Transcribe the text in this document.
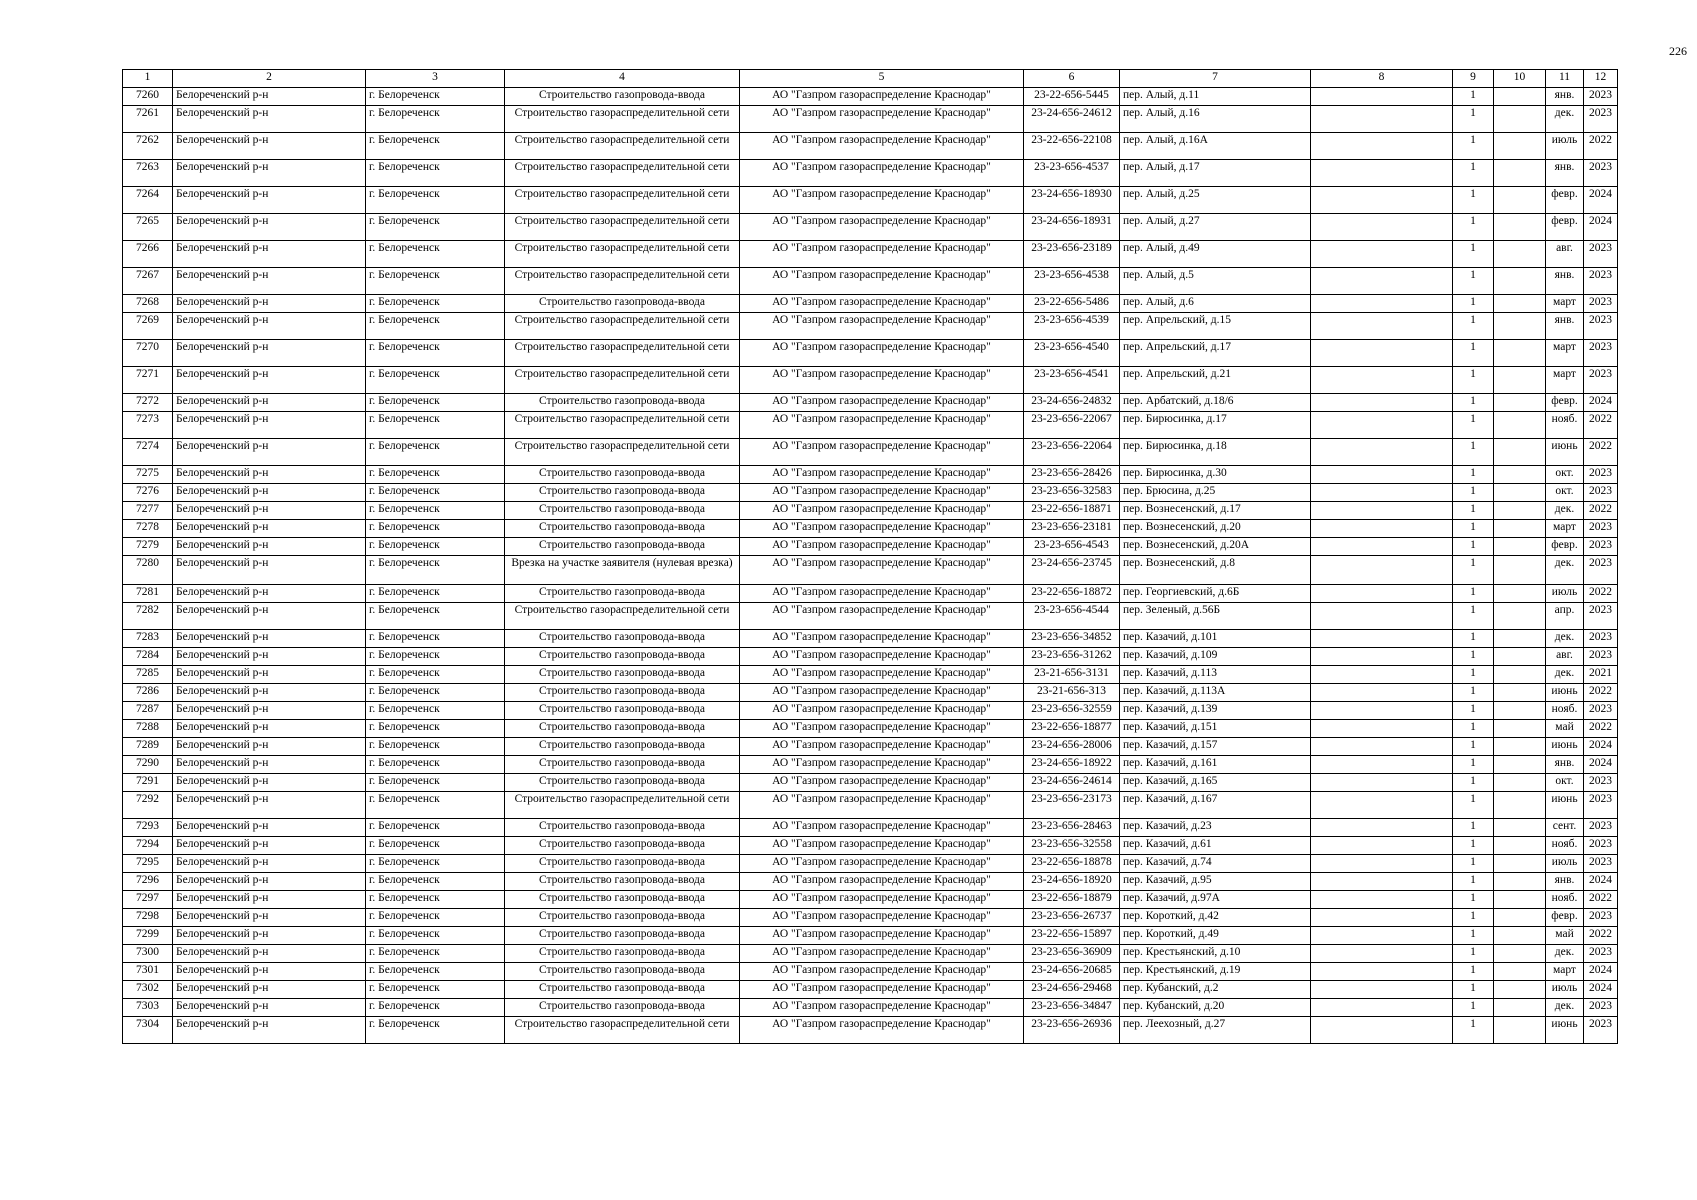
226
1	2	3	4	5	6	7	8	9	10	11	12
7260	Белореченский р-н	г. Белореченск	Строительство газопровода-ввода	АО "Газпром газораспределение Краснодар"	23-22-656-5445	пер. Алый, д.11		1		янв.	2023
7261	Белореченский р-н	г. Белореченск	Строительство газораспределительной сети	АО "Газпром газораспределение Краснодар"	23-24-656-24612	пер. Алый, д.16		1		дек.	2023
7262	Белореченский р-н	г. Белореченск	Строительство газораспределительной сети	АО "Газпром газораспределение Краснодар"	23-22-656-22108	пер. Алый, д.16А		1		июль	2022
7263	Белореченский р-н	г. Белореченск	Строительство газораспределительной сети	АО "Газпром газораспределение Краснодар"	23-23-656-4537	пер. Алый, д.17		1		янв.	2023
7264	Белореченский р-н	г. Белореченск	Строительство газораспределительной сети	АО "Газпром газораспределение Краснодар"	23-24-656-18930	пер. Алый, д.25		1		февр.	2024
7265	Белореченский р-н	г. Белореченск	Строительство газораспределительной сети	АО "Газпром газораспределение Краснодар"	23-24-656-18931	пер. Алый, д.27		1		февр.	2024
7266	Белореченский р-н	г. Белореченск	Строительство газораспределительной сети	АО "Газпром газораспределение Краснодар"	23-23-656-23189	пер. Алый, д.49		1		авг.	2023
7267	Белореченский р-н	г. Белореченск	Строительство газораспределительной сети	АО "Газпром газораспределение Краснодар"	23-23-656-4538	пер. Алый, д.5		1		янв.	2023
7268	Белореченский р-н	г. Белореченск	Строительство газопровода-ввода	АО "Газпром газораспределение Краснодар"	23-22-656-5486	пер. Алый, д.6		1		март	2023
7269	Белореченский р-н	г. Белореченск	Строительство газораспределительной сети	АО "Газпром газораспределение Краснодар"	23-23-656-4539	пер. Апрельский, д.15		1		янв.	2023
7270	Белореченский р-н	г. Белореченск	Строительство газораспределительной сети	АО "Газпром газораспределение Краснодар"	23-23-656-4540	пер. Апрельский, д.17		1		март	2023
7271	Белореченский р-н	г. Белореченск	Строительство газораспределительной сети	АО "Газпром газораспределение Краснодар"	23-23-656-4541	пер. Апрельский, д.21		1		март	2023
7272	Белореченский р-н	г. Белореченск	Строительство газопровода-ввода	АО "Газпром газораспределение Краснодар"	23-24-656-24832	пер. Арбатский, д.18/6		1		февр.	2024
7273	Белореченский р-н	г. Белореченск	Строительство газораспределительной сети	АО "Газпром газораспределение Краснодар"	23-23-656-22067	пер. Бирюсинка, д.17		1		нояб.	2022
7274	Белореченский р-н	г. Белореченск	Строительство газораспределительной сети	АО "Газпром газораспределение Краснодар"	23-23-656-22064	пер. Бирюсинка, д.18		1		июнь	2022
7275	Белореченский р-н	г. Белореченск	Строительство газопровода-ввода	АО "Газпром газораспределение Краснодар"	23-23-656-28426	пер. Бирюсинка, д.30		1		окт.	2023
7276	Белореченский р-н	г. Белореченск	Строительство газопровода-ввода	АО "Газпром газораспределение Краснодар"	23-23-656-32583	пер. Брюсина, д.25		1		окт.	2023
7277	Белореченский р-н	г. Белореченск	Строительство газопровода-ввода	АО "Газпром газораспределение Краснодар"	23-22-656-18871	пер. Вознесенский, д.17		1		дек.	2022
7278	Белореченский р-н	г. Белореченск	Строительство газопровода-ввода	АО "Газпром газораспределение Краснодар"	23-23-656-23181	пер. Вознесенский, д.20		1		март	2023
7279	Белореченский р-н	г. Белореченск	Строительство газопровода-ввода	АО "Газпром газораспределение Краснодар"	23-23-656-4543	пер. Вознесенский, д.20А		1		февр.	2023
7280	Белореченский р-н	г. Белореченск	Врезка на участке заявителя (нулевая врезка)	АО "Газпром газораспределение Краснодар"	23-24-656-23745	пер. Вознесенский, д.8		1		дек.	2023
7281	Белореченский р-н	г. Белореченск	Строительство газопровода-ввода	АО "Газпром газораспределение Краснодар"	23-22-656-18872	пер. Георгиевский, д.6Б		1		июль	2022
7282	Белореченский р-н	г. Белореченск	Строительство газораспределительной сети	АО "Газпром газораспределение Краснодар"	23-23-656-4544	пер. Зеленый, д.56Б		1		апр.	2023
7283	Белореченский р-н	г. Белореченск	Строительство газопровода-ввода	АО "Газпром газораспределение Краснодар"	23-23-656-34852	пер. Казачий, д.101		1		дек.	2023
7284	Белореченский р-н	г. Белореченск	Строительство газопровода-ввода	АО "Газпром газораспределение Краснодар"	23-23-656-31262	пер. Казачий, д.109		1		авг.	2023
7285	Белореченский р-н	г. Белореченск	Строительство газопровода-ввода	АО "Газпром газораспределение Краснодар"	23-21-656-3131	пер. Казачий, д.113		1		дек.	2021
7286	Белореченский р-н	г. Белореченск	Строительство газопровода-ввода	АО "Газпром газораспределение Краснодар"	23-21-656-313	пер. Казачий, д.113А		1		июнь	2022
7287	Белореченский р-н	г. Белореченск	Строительство газопровода-ввода	АО "Газпром газораспределение Краснодар"	23-23-656-32559	пер. Казачий, д.139		1		нояб.	2023
7288	Белореченский р-н	г. Белореченск	Строительство газопровода-ввода	АО "Газпром газораспределение Краснодар"	23-22-656-18877	пер. Казачий, д.151		1		май	2022
7289	Белореченский р-н	г. Белореченск	Строительство газопровода-ввода	АО "Газпром газораспределение Краснодар"	23-24-656-28006	пер. Казачий, д.157		1		июнь	2024
7290	Белореченский р-н	г. Белореченск	Строительство газопровода-ввода	АО "Газпром газораспределение Краснодар"	23-24-656-18922	пер. Казачий, д.161		1		янв.	2024
7291	Белореченский р-н	г. Белореченск	Строительство газопровода-ввода	АО "Газпром газораспределение Краснодар"	23-24-656-24614	пер. Казачий, д.165		1		окт.	2023
7292	Белореченский р-н	г. Белореченск	Строительство газораспределительной сети	АО "Газпром газораспределение Краснодар"	23-23-656-23173	пер. Казачий, д.167		1		июнь	2023
7293	Белореченский р-н	г. Белореченск	Строительство газопровода-ввода	АО "Газпром газораспределение Краснодар"	23-23-656-28463	пер. Казачий, д.23		1		сент.	2023
7294	Белореченский р-н	г. Белореченск	Строительство газопровода-ввода	АО "Газпром газораспределение Краснодар"	23-23-656-32558	пер. Казачий, д.61		1		нояб.	2023
7295	Белореченский р-н	г. Белореченск	Строительство газопровода-ввода	АО "Газпром газораспределение Краснодар"	23-22-656-18878	пер. Казачий, д.74		1		июль	2023
7296	Белореченский р-н	г. Белореченск	Строительство газопровода-ввода	АО "Газпром газораспределение Краснодар"	23-24-656-18920	пер. Казачий, д.95		1		янв.	2024
7297	Белореченский р-н	г. Белореченск	Строительство газопровода-ввода	АО "Газпром газораспределение Краснодар"	23-22-656-18879	пер. Казачий, д.97А		1		нояб.	2022
7298	Белореченский р-н	г. Белореченск	Строительство газопровода-ввода	АО "Газпром газораспределение Краснодар"	23-23-656-26737	пер. Короткий, д.42		1		февр.	2023
7299	Белореченский р-н	г. Белореченск	Строительство газопровода-ввода	АО "Газпром газораспределение Краснодар"	23-22-656-15897	пер. Короткий, д.49		1		май	2022
7300	Белореченский р-н	г. Белореченск	Строительство газопровода-ввода	АО "Газпром газораспределение Краснодар"	23-23-656-36909	пер. Крестьянский, д.10		1		дек.	2023
7301	Белореченский р-н	г. Белореченск	Строительство газопровода-ввода	АО "Газпром газораспределение Краснодар"	23-24-656-20685	пер. Крестьянский, д.19		1		март	2024
7302	Белореченский р-н	г. Белореченск	Строительство газопровода-ввода	АО "Газпром газораспределение Краснодар"	23-24-656-29468	пер. Кубанский, д.2		1		июль	2024
7303	Белореченский р-н	г. Белореченск	Строительство газопровода-ввода	АО "Газпром газораспределение Краснодар"	23-23-656-34847	пер. Кубанский, д.20		1		дек.	2023
7304	Белореченский р-н	г. Белореченск	Строительство газораспределительной сети	АО "Газпром газораспределение Краснодар"	23-23-656-26936	пер. Леехозный, д.27		1		июнь	2023
